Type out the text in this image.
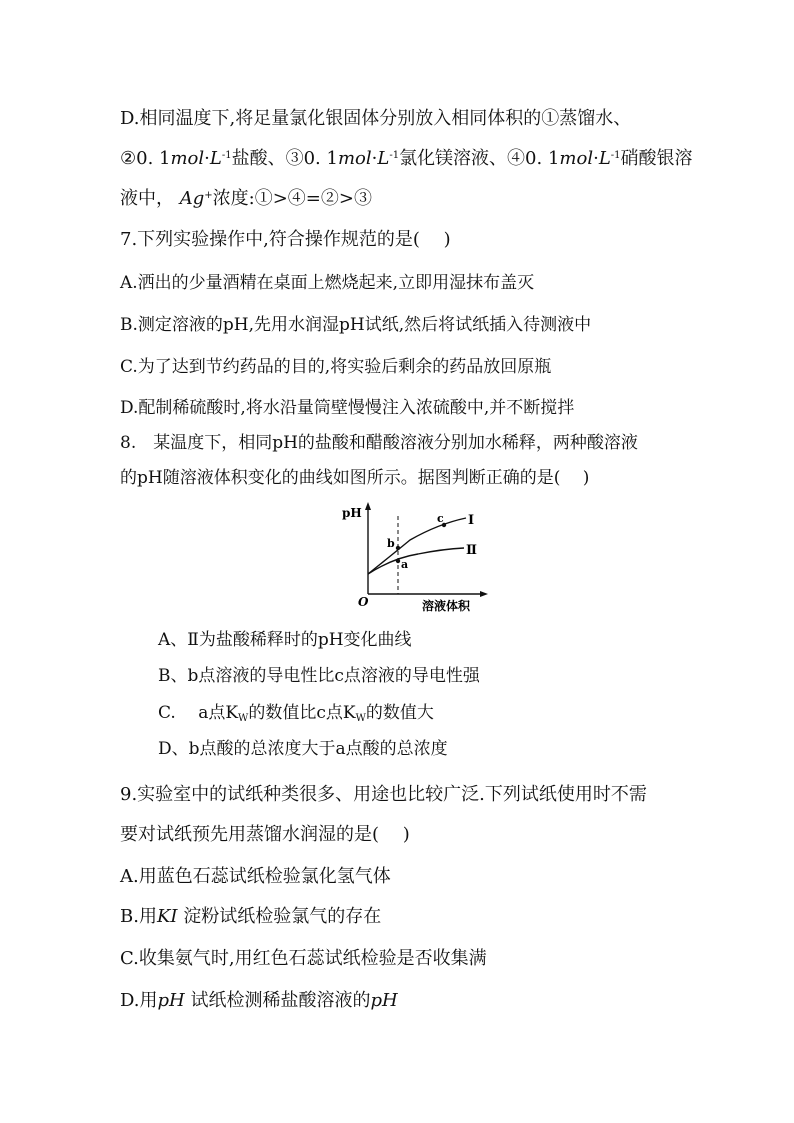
D.相同温度下,将足量氯化银固体分别放入相同体积的①蒸馏水、
②0. $1mol\cdot L^{-1}$盐酸、③0. $1mol\cdot L^{-1}$氯化镁溶液、④0. $1mol\cdot L^{-1}$硝酸银溶
液中， Ag+浓度:①>④=②>③
7.下列实验操作中,符合操作规范的是(　 )
A.洒出的少量酒精在桌面上燃烧起来,立即用湿抹布盖灭
B.测定溶液的pH,先用水润湿pH试纸,然后将试纸插入待测液中
C.为了达到节约药品的目的,将实验后剩余的药品放回原瓶
D.配制稀硫酸时,将水沿量筒壁慢慢注入浓硫酸中,并不断搅拌
8.　某温度下，相同pH的盐酸和醋酸溶液分别加水稀释，两种酸溶液
的pH随溶液体积变化的曲线如图所示。据图判断正确的是(　 )
pH
O	溶液体积
Ⅰ
Ⅱ
b
a
c
A、Ⅱ为盐酸稀释时的pH变化曲线
B、b点溶液的导电性比c点溶液的导电性强
C.　 a点$K_W$的数值比c点$K_W$的数值大
D、b点酸的总浓度大于a点酸的总浓度
9.实验室中的试纸种类很多、用途也比较广泛.下列试纸使用时不需
要对试纸预先用蒸馏水润湿的是(　 )
A.用蓝色石蕊试纸检验氯化氢气体
B.用KI 淀粉试纸检验氯气的存在
C.收集氨气时,用红色石蕊试纸检验是否收集满
D.用pH 试纸检测稀盐酸溶液的pH
